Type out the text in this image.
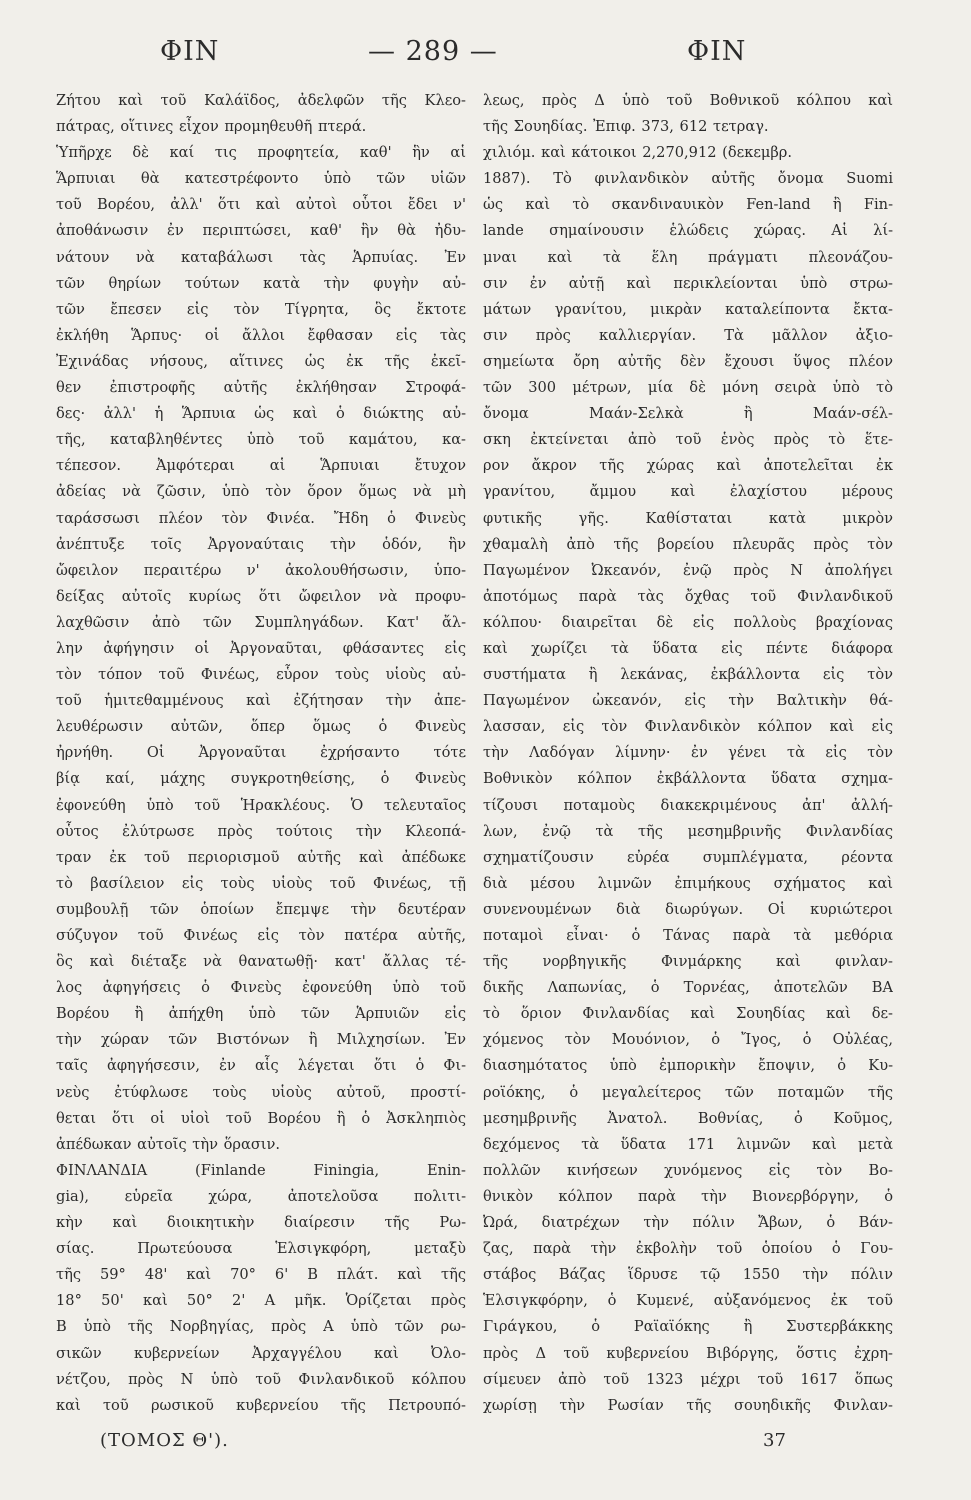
ΦΙΝ	— 289 —	ΦΙΝ
Ζήτου καὶ τοῦ Καλάϊδος, ἀδελφῶν τῆς Κλεο-
πάτρας, οἵτινες εἶχον προμηθευθῆ πτερά.
Ὑπῆρχε δὲ καί τις προφητεία, καθ' ἣν αἱ
Ἅρπυιαι θὰ κατεστρέφοντο ὑπὸ τῶν υἱῶν
τοῦ Βορέου, ἀλλ' ὅτι καὶ αὐτοὶ οὗτοι ἔδει ν'
ἀποθάνωσιν ἐν περιπτώσει, καθ' ἣν θὰ ἠδυ-
νάτουν νὰ καταβάλωσι τὰς Ἁρπυίας. Ἐν
τῶν θηρίων τούτων κατὰ τὴν φυγὴν αὐ-
τῶν ἔπεσεν εἰς τὸν Τίγρητα, ὃς ἔκτοτε
ἐκλήθη Ἅρπυς· οἱ ἄλλοι ἔφθασαν εἰς τὰς
Ἐχινάδας νήσους, αἵτινες ὡς ἐκ τῆς ἐκεῖ-
θεν ἐπιστροφῆς αὐτῆς ἐκλήθησαν Στροφά-
δες· ἀλλ' ἡ Ἅρπυια ὡς καὶ ὁ διώκτης αὐ-
τῆς, καταβληθέντες ὑπὸ τοῦ καμάτου, κα-
τέπεσον. Ἀμφότεραι αἱ Ἅρπυιαι ἔτυχον
ἀδείας νὰ ζῶσιν, ὑπὸ τὸν ὅρον ὅμως νὰ μὴ
ταράσσωσι πλέον τὸν Φινέα. Ἤδη ὁ Φινεὺς
ἀνέπτυξε τοῖς Ἀργοναύταις τὴν ὁδόν, ἣν
ὤφειλον περαιτέρω ν' ἀκολουθήσωσιν, ὑπο-
δείξας αὐτοῖς κυρίως ὅτι ὤφειλον νὰ προφυ-
λαχθῶσιν ἀπὸ τῶν Συμπληγάδων. Κατ' ἄλ-
λην ἀφήγησιν οἱ Ἀργοναῦται, φθάσαντες εἰς
τὸν τόπον τοῦ Φινέως, εὗρον τοὺς υἱοὺς αὐ-
τοῦ ἡμιτεθαμμένους καὶ ἐζήτησαν τὴν ἀπε-
λευθέρωσιν αὐτῶν, ὅπερ ὅμως ὁ Φινεὺς
ἠρνήθη. Οἱ Ἀργοναῦται ἐχρήσαντο τότε
βίᾳ καί, μάχης συγκροτηθείσης, ὁ Φινεὺς
ἐφονεύθη ὑπὸ τοῦ Ἡρακλέους. Ὁ τελευταῖος
οὗτος ἐλύτρωσε πρὸς τούτοις τὴν Κλεοπά-
τραν ἐκ τοῦ περιορισμοῦ αὐτῆς καὶ ἀπέδωκε
τὸ βασίλειον εἰς τοὺς υἱοὺς τοῦ Φινέως, τῇ
συμβουλῇ τῶν ὁποίων ἔπεμψε τὴν δευτέραν
σύζυγον τοῦ Φινέως εἰς τὸν πατέρα αὐτῆς,
ὃς καὶ διέταξε νὰ θανατωθῇ· κατ' ἄλλας τέ-
λος ἀφηγήσεις ὁ Φινεὺς ἐφονεύθη ὑπὸ τοῦ
Βορέου ἢ ἀπήχθη ὑπὸ τῶν Ἁρπυιῶν εἰς
τὴν χώραν τῶν Βιστόνων ἢ Μιλχησίων. Ἐν
ταῖς ἀφηγήσεσιν, ἐν αἷς λέγεται ὅτι ὁ Φι-
νεὺς ἐτύφλωσε τοὺς υἱοὺς αὐτοῦ, προστί-
θεται ὅτι οἱ υἱοὶ τοῦ Βορέου ἢ ὁ Ἀσκληπιὸς
ἀπέδωκαν αὐτοῖς τὴν ὅρασιν.
ΦΙΝΛΑΝΔΙΑ (Finlande Finingia, Enin-
gia), εὑρεῖα χώρα, ἀποτελοῦσα πολιτι-
κὴν καὶ διοικητικὴν διαίρεσιν τῆς Ρω-
σίας. Πρωτεύουσα Ἑλσιγκφόρη, μεταξὺ
τῆς 59° 48' καὶ 70° 6' Β πλάτ. καὶ τῆς
18° 50' καὶ 50° 2' Α μῆκ. Ὁρίζεται πρὸς
Β ὑπὸ τῆς Νορβηγίας, πρὸς Α ὑπὸ τῶν ρω-
σικῶν κυβερνείων Ἀρχαγγέλου καὶ Ὀλο-
νέτζου, πρὸς Ν ὑπὸ τοῦ Φινλανδικοῦ κόλπου
καὶ τοῦ ρωσικοῦ κυβερνείου τῆς Πετρουπό-
λεως, πρὸς Δ ὑπὸ τοῦ Βοθνικοῦ κόλπου καὶ
τῆς Σουηδίας. Ἐπιφ. 373, 612 τετραγ.
χιλιόμ. καὶ κάτοικοι 2,270,912 (δεκεμβρ.
1887). Τὸ φινλανδικὸν αὐτῆς ὄνομα Suomi
ὡς καὶ τὸ σκανδιναυικὸν Fen-land ἢ Fin-
lande σημαίνουσιν ἑλώδεις χώρας. Αἱ λί-
μναι καὶ τὰ ἕλη πράγματι πλεονάζου-
σιν ἐν αὐτῇ καὶ περικλείονται ὑπὸ στρω-
μάτων γρανίτου, μικρὰν καταλείποντα ἔκτα-
σιν πρὸς καλλιεργίαν. Τὰ μᾶλλον ἀξιο-
σημείωτα ὄρη αὐτῆς δὲν ἔχουσι ὕψος πλέον
τῶν 300 μέτρων, μία δὲ μόνη σειρὰ ὑπὸ τὸ
ὄνομα Μαάν-Σελκὰ ἢ Μαάν-σέλ-
σκη ἐκτείνεται ἀπὸ τοῦ ἑνὸς πρὸς τὸ ἕτε-
ρον ἄκρον τῆς χώρας καὶ ἀποτελεῖται ἐκ
γρανίτου, ἄμμου καὶ ἐλαχίστου μέρους
φυτικῆς γῆς. Καθίσταται κατὰ μικρὸν
χθαμαλὴ ἀπὸ τῆς βορείου πλευρᾶς πρὸς τὸν
Παγωμένον Ὠκεανόν, ἐνῷ πρὸς Ν ἀπολήγει
ἀποτόμως παρὰ τὰς ὄχθας τοῦ Φινλανδικοῦ
κόλπου· διαιρεῖται δὲ εἰς πολλοὺς βραχίονας
καὶ χωρίζει τὰ ὕδατα εἰς πέντε διάφορα
συστήματα ἢ λεκάνας, ἐκβάλλοντα εἰς τὸν
Παγωμένον ὠκεανόν, εἰς τὴν Βαλτικὴν θά-
λασσαν, εἰς τὸν Φινλανδικὸν κόλπον καὶ εἰς
τὴν Λαδόγαν λίμνην· ἐν γένει τὰ εἰς τὸν
Βοθνικὸν κόλπον ἐκβάλλοντα ὕδατα σχημα-
τίζουσι ποταμοὺς διακεκριμένους ἀπ' ἀλλή-
λων, ἐνῷ τὰ τῆς μεσημβρινῆς Φινλανδίας
σχηματίζουσιν εὐρέα συμπλέγματα, ρέοντα
διὰ μέσου λιμνῶν ἐπιμήκους σχήματος καὶ
συνενουμένων διὰ διωρύγων. Οἱ κυριώτεροι
ποταμοὶ εἶναι· ὁ Τάνας παρὰ τὰ μεθόρια
τῆς νορβηγικῆς Φινμάρκης καὶ φινλαν-
δικῆς Λαπωνίας, ὁ Τορνέας, ἀποτελῶν ΒΑ
τὸ ὅριον Φινλανδίας καὶ Σουηδίας καὶ δε-
χόμενος τὸν Μουόνιον, ὁ Ἴγος, ὁ Οὐλέας,
διασημότατος ὑπὸ ἐμπορικὴν ἔποψιν, ὁ Κυ-
ροϊόκης, ὁ μεγαλείτερος τῶν ποταμῶν τῆς
μεσημβρινῆς Ἀνατολ. Βοθνίας, ὁ Κοῦμος,
δεχόμενος τὰ ὕδατα 171 λιμνῶν καὶ μετὰ
πολλῶν κινήσεων χυνόμενος εἰς τὸν Βο-
θνικὸν κόλπον παρὰ τὴν Βιονερβόργην, ὁ
Ὠρά, διατρέχων τὴν πόλιν Ἄβων, ὁ Βάν-
ζας, παρὰ τὴν ἐκβολὴν τοῦ ὁποίου ὁ Γου-
στάβος Βάζας ἵδρυσε τῷ 1550 τὴν πόλιν
Ἑλσιγκφόρην, ὁ Κυμενέ, αὐξανόμενος ἐκ τοῦ
Γιράγκου, ὁ Ραϊαϊόκης ἢ Συστερβάκκης
πρὸς Δ τοῦ κυβερνείου Βιβόργης, ὅστις ἐχρη-
σίμευεν ἀπὸ τοῦ 1323 μέχρι τοῦ 1617 ὅπως
χωρίσῃ τὴν Ρωσίαν τῆς σουηδικῆς Φινλαν-
(ΤΟΜΟΣ Θ').	37
